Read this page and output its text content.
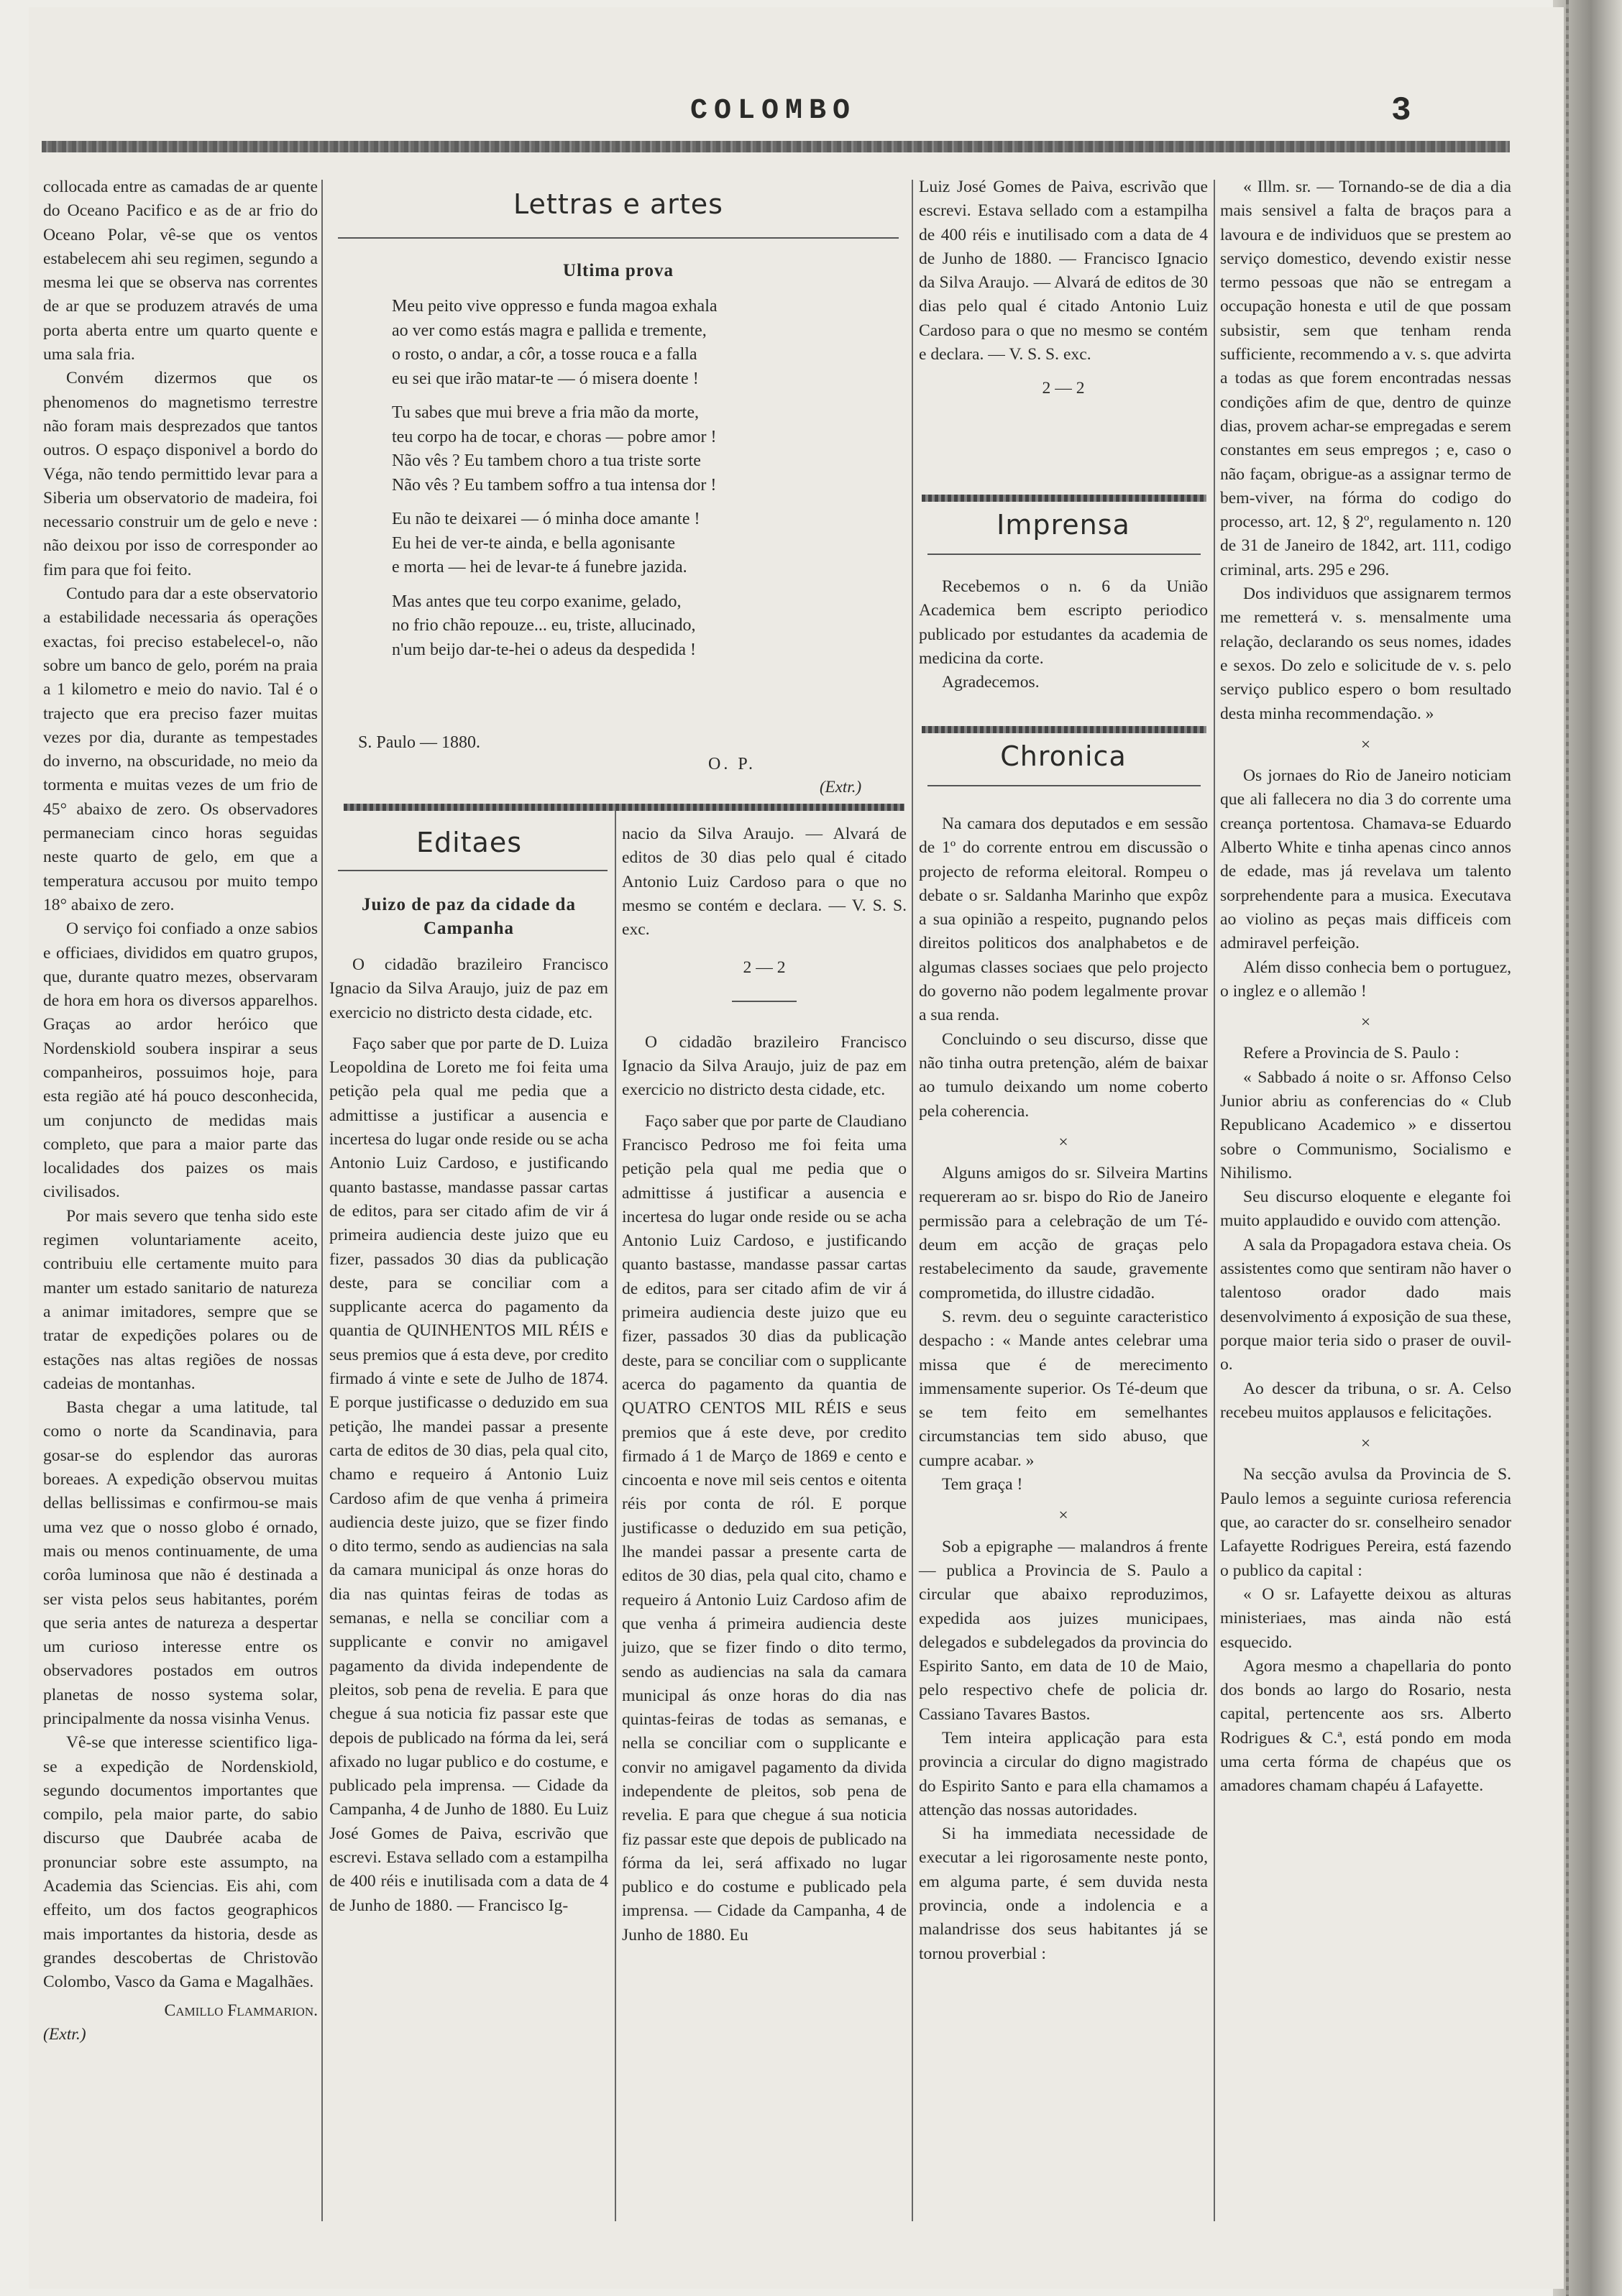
COLOMBO	3

collocada entre as camadas de ar quente do Oceano Pacifico e as de ar frio do Oceano Polar, vê-se que os ventos estabelecem ahi seu regimen, segundo a mesma lei que se observa nas correntes de ar que se produzem através de uma porta aberta entre um quarto quente e uma sala fria.

Convém dizermos que os phenomenos do magnetismo terrestre não foram mais desprezados que tantos outros. O espaço disponivel a bordo do Véga, não tendo permittido levar para a Siberia um observatorio de madeira, foi necessario construir um de gelo e neve : não deixou por isso de corresponder ao fim para que foi feito.

Contudo para dar a este observatorio a estabilidade necessaria ás operações exactas, foi preciso estabelecel-o, não sobre um banco de gelo, porém na praia a 1 kilometro e meio do navio. Tal é o trajecto que era preciso fazer muitas vezes por dia, durante as tempestades do inverno, na obscuridade, no meio da tormenta e muitas vezes de um frio de 45° abaixo de zero. Os observadores permaneciam cinco horas seguidas neste quarto de gelo, em que a temperatura accusou por muito tempo 18° abaixo de zero.

O serviço foi confiado a onze sabios e officiaes, divididos em quatro grupos, que, durante quatro mezes, observaram de hora em hora os diversos apparelhos. Graças ao ardor heróico que Nordenskiold soubera inspirar a seus companheiros, possuimos hoje, para esta região até há pouco desconhecida, um conjuncto de medidas mais completo, que para a maior parte das localidades dos paizes os mais civilisados.

Por mais severo que tenha sido este regimen voluntariamente aceito, contribuiu elle certamente muito para manter um estado sanitario de natureza a animar imitadores, sempre que se tratar de expedições polares ou de estações nas altas regiões de nossas cadeias de montanhas.

Basta chegar a uma latitude, tal como o norte da Scandinavia, para gosar-se do esplendor das auroras boreaes. A expedição observou muitas dellas bellissimas e confirmou-se mais uma vez que o nosso globo é ornado, mais ou menos continuamente, de uma corôa luminosa que não é destinada a ser vista pelos seus habitantes, porém que seria antes de natureza a despertar um curioso interesse entre os observadores postados em outros planetas de nosso systema solar, principalmente da nossa visinha Venus.

Vê-se que interesse scientifico liga-se a expedição de Nordenskiold, segundo documentos importantes que compilo, pela maior parte, do sabio discurso que Daubrée acaba de pronunciar sobre este assumpto, na Academia das Sciencias. Eis ahi, com effeito, um dos factos geographicos mais importantes da historia, desde as grandes descobertas de Christovão Colombo, Vasco da Gama e Magalhães.

Camillo Flammarion.

(Extr.)

Lettras e artes
Ultima prova
Meu peito vive oppresso e funda magoa exhala
ao ver como estás magra e pallida e tremente,
o rosto, o andar, a côr, a tosse rouca e a falla
eu sei que irão matar-te — ó misera doente !
Tu sabes que mui breve a fria mão da morte,
teu corpo ha de tocar, e choras — pobre amor !
Não vês ? Eu tambem choro a tua triste sorte
Não vês ? Eu tambem soffro a tua intensa dor !
Eu não te deixarei — ó minha doce amante !
Eu hei de ver-te ainda, e bella agonisante
e morta — hei de levar-te á funebre jazida.
Mas antes que teu corpo exanime, gelado,
no frio chão repouze... eu, triste, allucinado,
n'um beijo dar-te-hei o adeus da despedida !
S. Paulo — 1880.
O. P.
(Extr.)
Editaes
Juizo de paz da cidade da Campanha

O cidadão brazileiro Francisco Ignacio da Silva Araujo, juiz de paz em exercicio no districto desta cidade, etc.

Faço saber que por parte de D. Luiza Leopoldina de Loreto me foi feita uma petição pela qual me pedia que a admittisse a justificar a ausencia e incertesa do lugar onde reside ou se acha Antonio Luiz Cardoso, e justificando quanto bastasse, mandasse passar cartas de editos, para ser citado afim de vir á primeira audiencia deste juizo que eu fizer, passados 30 dias da publicação deste, para se conciliar com a supplicante acerca do pagamento da quantia de QUINHENTOS MIL RÉIS e seus premios que á esta deve, por credito firmado á vinte e sete de Julho de 1874. E porque justificasse o deduzido em sua petição, lhe mandei passar a presente carta de editos de 30 dias, pela qual cito, chamo e requeiro á Antonio Luiz Cardoso afim de que venha á primeira audiencia deste juizo, que se fizer findo o dito termo, sendo as audiencias na sala da camara municipal ás onze horas do dia nas quintas feiras de todas as semanas, e nella se conciliar com a supplicante e convir no amigavel pagamento da divida independente de pleitos, sob pena de revelia. E para que chegue á sua noticia fiz passar este que depois de publicado na fórma da lei, será afixado no lugar publico e do costume, e publicado pela imprensa. — Cidade da Campanha, 4 de Junho de 1880. Eu Luiz José Gomes de Paiva, escrivão que escrevi. Estava sellado com a estampilha de 400 réis e inutilisada com a data de 4 de Junho de 1880. — Francisco Ig-

nacio da Silva Araujo. — Alvará de editos de 30 dias pelo qual é citado Antonio Luiz Cardoso para o que no mesmo se contém e declara. — V. S. S. exc.

2 — 2

O cidadão brazileiro Francisco Ignacio da Silva Araujo, juiz de paz em exercicio no districto desta cidade, etc.

Faço saber que por parte de Claudiano Francisco Pedroso me foi feita uma petição pela qual me pedia que o admittisse á justificar a ausencia e incertesa do lugar onde reside ou se acha Antonio Luiz Cardoso, e justificando quanto bastasse, mandasse passar cartas de editos, para ser citado afim de vir á primeira audiencia deste juizo que eu fizer, passados 30 dias da publicação deste, para se conciliar com o supplicante acerca do pagamento da quantia de QUATRO CENTOS MIL RÉIS e seus premios que á este deve, por credito firmado á 1 de Março de 1869 e cento e cincoenta e nove mil seis centos e oitenta réis por conta de ról. E porque justificasse o deduzido em sua petição, lhe mandei passar a presente carta de editos de 30 dias, pela qual cito, chamo e requeiro á Antonio Luiz Cardoso afim de que venha á primeira audiencia deste juizo, que se fizer findo o dito termo, sendo as audiencias na sala da camara municipal ás onze horas do dia nas quintas-feiras de todas as semanas, e nella se conciliar com o supplicante e convir no amigavel pagamento da divida independente de pleitos, sob pena de revelia. E para que chegue á sua noticia fiz passar este que depois de publicado na fórma da lei, será affixado no lugar publico e do costume e publicado pela imprensa. — Cidade da Campanha, 4 de Junho de 1880. Eu

Luiz José Gomes de Paiva, escrivão que escrevi. Estava sellado com a estampilha de 400 réis e inutilisado com a data de 4 de Junho de 1880. — Francisco Ignacio da Silva Araujo. — Alvará de editos de 30 dias pelo qual é citado Antonio Luiz Cardoso para o que no mesmo se contém e declara. — V. S. S. exc.

2 — 2

Imprensa

Recebemos o n. 6 da União Academica bem escripto periodico publicado por estudantes da academia de medicina da corte.

Agradecemos.

Chronica

Na camara dos deputados e em sessão de 1º do corrente entrou em discussão o projecto de reforma eleitoral. Rompeu o debate o sr. Saldanha Marinho que expôz a sua opinião a respeito, pugnando pelos direitos politicos dos analphabetos e de algumas classes sociaes que pelo projecto do governo não podem legalmente provar a sua renda.

Concluindo o seu discurso, disse que não tinha outra pretenção, além de baixar ao tumulo deixando um nome coberto pela coherencia.

×

Alguns amigos do sr. Silveira Martins requereram ao sr. bispo do Rio de Janeiro permissão para a celebração de um Té-deum em acção de graças pelo restabelecimento da saude, gravemente comprometida, do illustre cidadão.

S. revm. deu o seguinte caracteristico despacho : « Mande antes celebrar uma missa que é de merecimento immensamente superior. Os Té-deum que se tem feito em semelhantes circumstancias tem sido abuso, que cumpre acabar. »

Tem graça !

×

Sob a epigraphe — malandros á frente — publica a Provincia de S. Paulo a circular que abaixo reproduzimos, expedida aos juizes municipaes, delegados e subdelegados da provincia do Espirito Santo, em data de 10 de Maio, pelo respectivo chefe de policia dr. Cassiano Tavares Bastos.

Tem inteira applicação para esta provincia a circular do digno magistrado do Espirito Santo e para ella chamamos a attenção das nossas autoridades.

Si ha immediata necessidade de executar a lei rigorosamente neste ponto, em alguma parte, é sem duvida nesta provincia, onde a indolencia e a malandrisse dos seus habitantes já se tornou proverbial :

« Illm. sr. — Tornando-se de dia a dia mais sensivel a falta de braços para a lavoura e de individuos que se prestem ao serviço domestico, devendo existir nesse termo pessoas que não se entregam a occupação honesta e util de que possam subsistir, sem que tenham renda sufficiente, recommendo a v. s. que advirta a todas as que forem encontradas nessas condições afim de que, dentro de quinze dias, provem achar-se empregadas e serem constantes em seus empregos ; e, caso o não façam, obrigue-as a assignar termo de bem-viver, na fórma do codigo do processo, art. 12, § 2º, regulamento n. 120 de 31 de Janeiro de 1842, art. 111, codigo criminal, arts. 295 e 296.

Dos individuos que assignarem termos me remetterá v. s. mensalmente uma relação, declarando os seus nomes, idades e sexos. Do zelo e solicitude de v. s. pelo serviço publico espero o bom resultado desta minha recommendação. »

×

Os jornaes do Rio de Janeiro noticiam que ali fallecera no dia 3 do corrente uma creança portentosa. Chamava-se Eduardo Alberto White e tinha apenas cinco annos de edade, mas já revelava um talento sorprehendente para a musica. Executava ao violino as peças mais difficeis com admiravel perfeição.

Além disso conhecia bem o portuguez, o inglez e o allemão !

×

Refere a Provincia de S. Paulo :

« Sabbado á noite o sr. Affonso Celso Junior abriu as conferencias do « Club Republicano Academico » e dissertou sobre o Communismo, Socialismo e Nihilismo.

Seu discurso eloquente e elegante foi muito applaudido e ouvido com attenção.

A sala da Propagadora estava cheia. Os assistentes como que sentiram não haver o talentoso orador dado mais desenvolvimento á exposição de sua these, porque maior teria sido o praser de ouvil-o.

Ao descer da tribuna, o sr. A. Celso recebeu muitos applausos e felicitações.

×

Na secção avulsa da Provincia de S. Paulo lemos a seguinte curiosa referencia que, ao caracter do sr. conselheiro senador Lafayette Rodrigues Pereira, está fazendo o publico da capital :

« O sr. Lafayette deixou as alturas ministeriaes, mas ainda não está esquecido.

Agora mesmo a chapellaria do ponto dos bonds ao largo do Rosario, nesta capital, pertencente aos srs. Alberto Rodrigues & C.ª, está pondo em moda uma certa fórma de chapéus que os amadores chamam chapéu á Lafayette.
